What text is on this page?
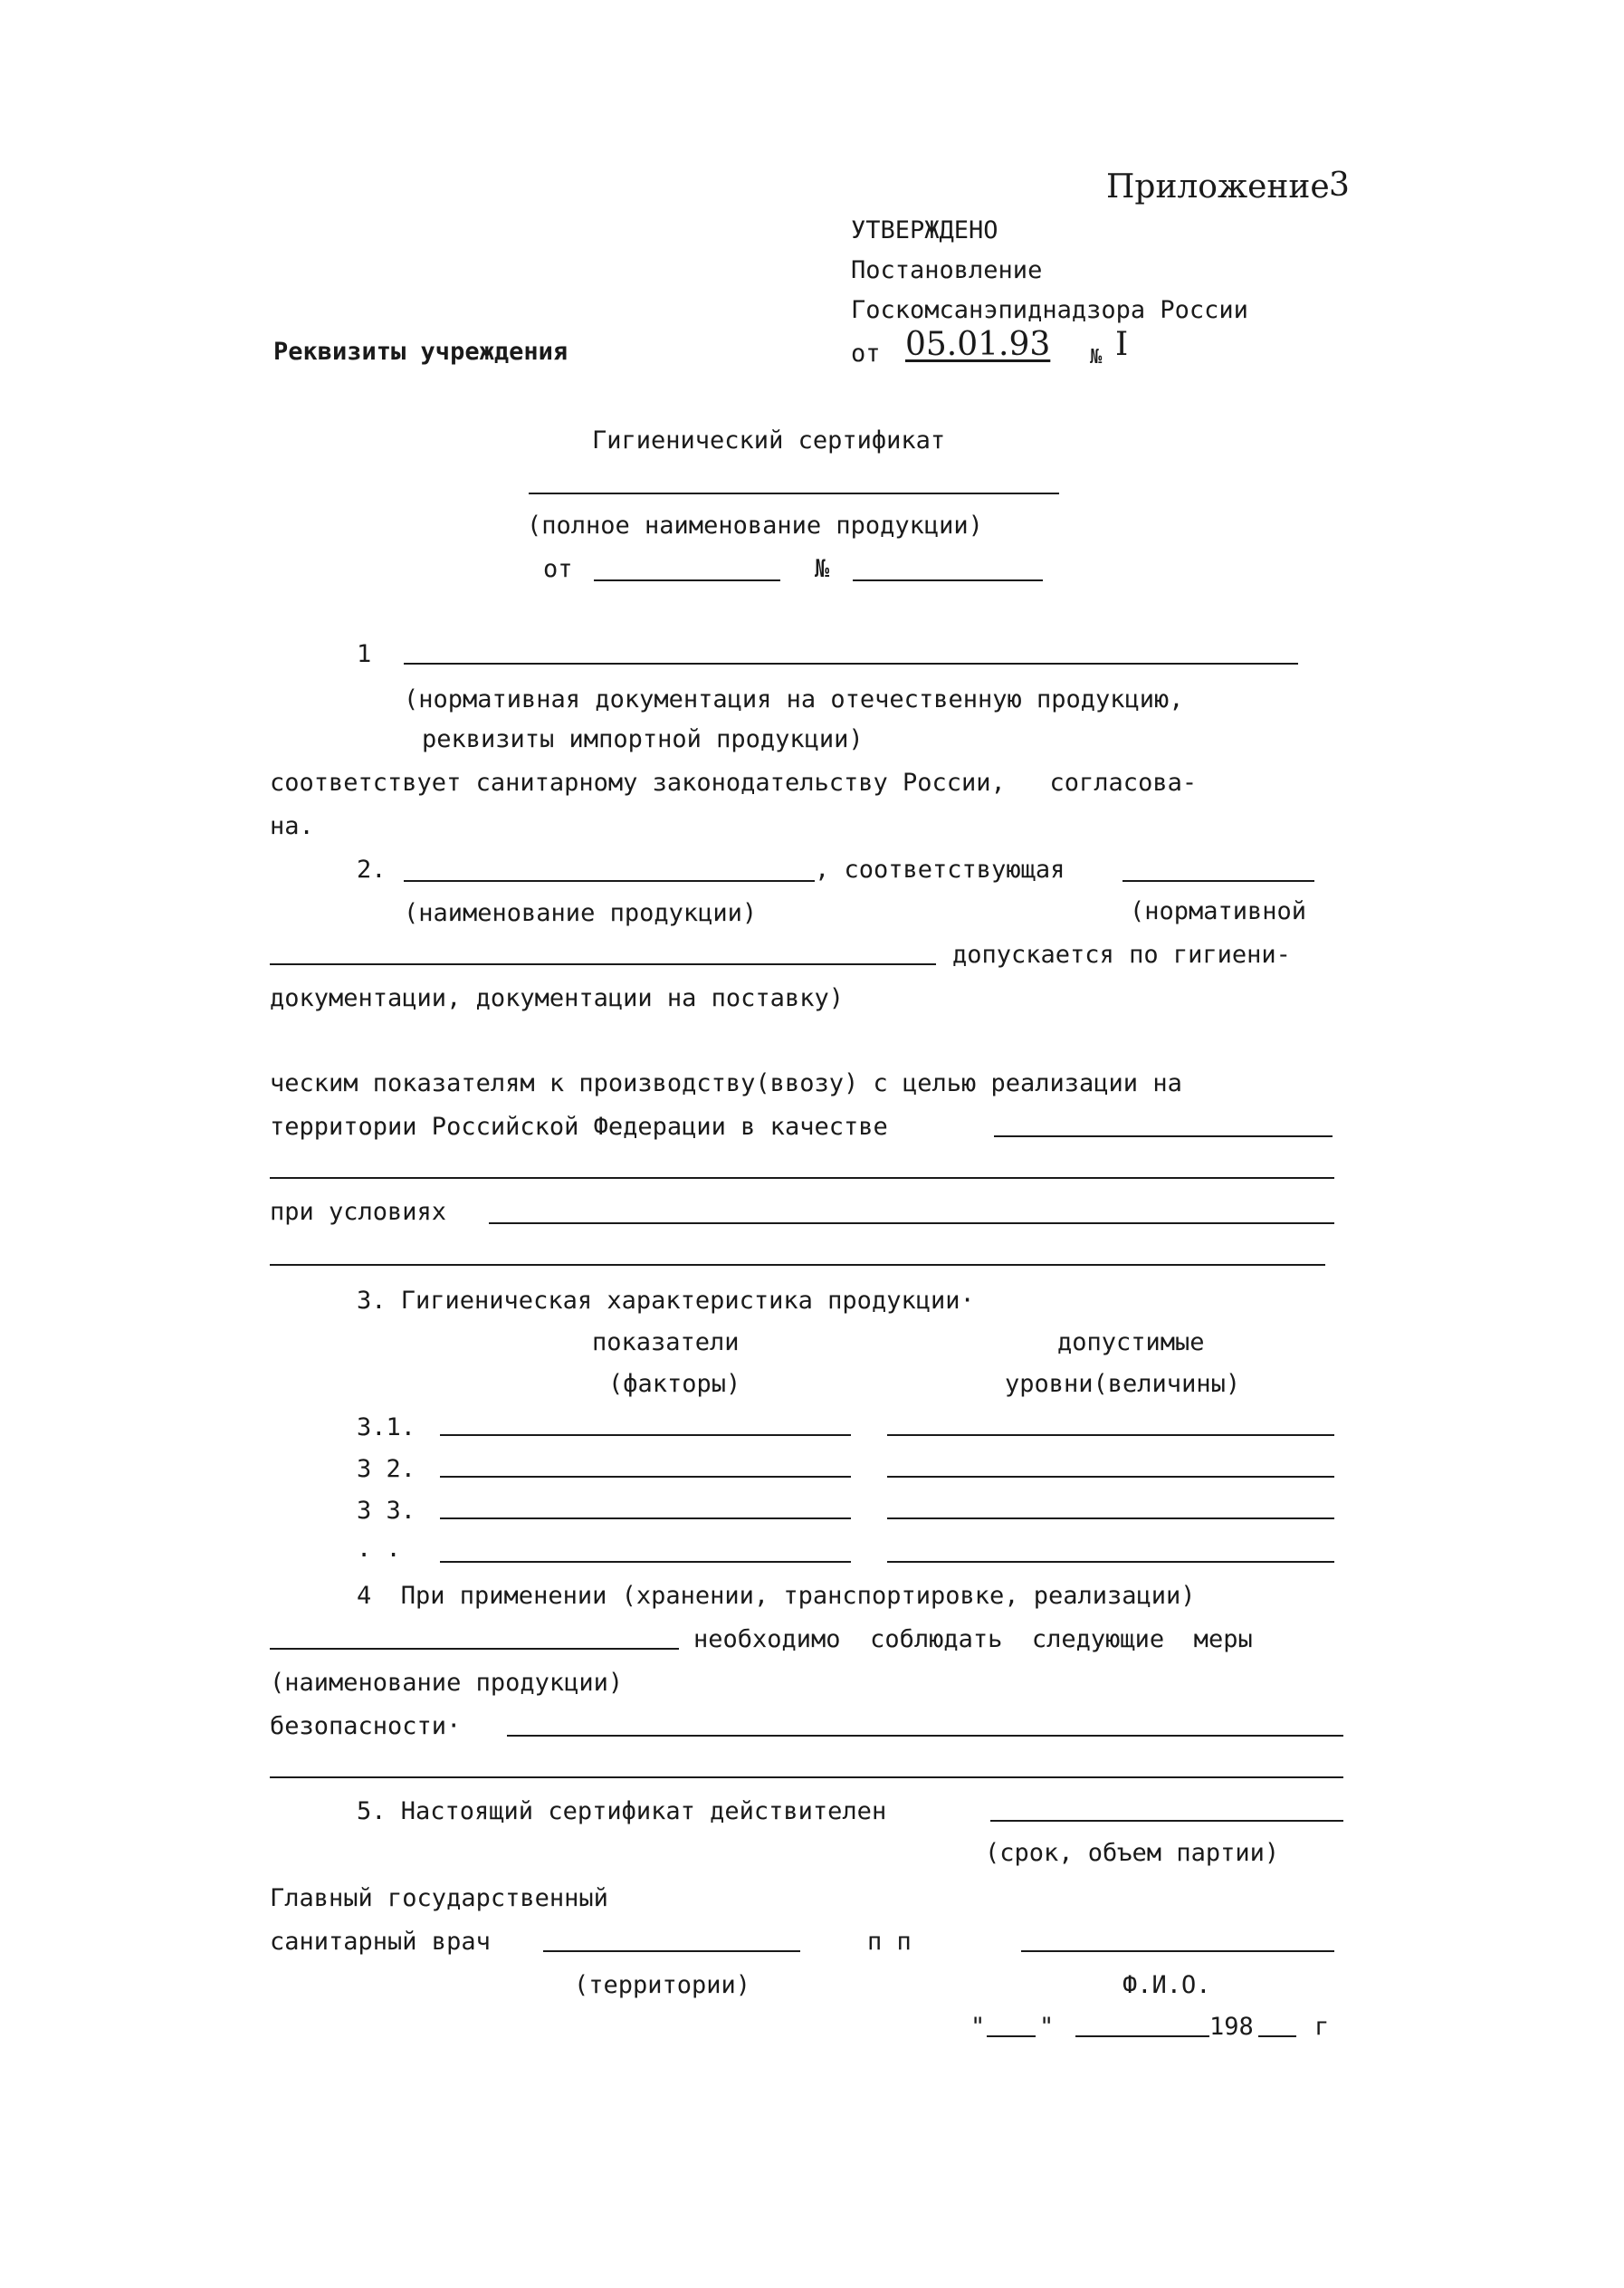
Приложение 3
УТВЕРЖДЕНО
Постановление
Госкомсанэпиднадзора России
Реквизиты учреждения	от 05.01.93 № I
Гигиенический сертификат
(полное наименование продукции)
от	№
1
(нормативная документация на отечественную продукцию,
реквизиты импортной продукции)
соответствует санитарному законодательству России,   согласова-
на.
2.	, соответствующая
(наименование продукции)	(нормативной
допускается по гигиени-
документации, документации на поставку)
ческим показателям к производству(ввозу) с целью реализации на
территории Российской Федерации в качестве
при условиях
3. Гигиеническая характеристика продукции·
показатели
(факторы)
допустимые
уровни(величины)
3.1.
3 2.
3 3.
. .
4  При применении (хранении, транспортировке, реализации)
необходимо  соблюдать  следующие  меры
(наименование продукции)
безопасности·
5. Настоящий сертификат действителен
(срок, объем партии)
Главный государственный
санитарный врач	п п
(территории)	Ф.И.О.
" "	198 г
